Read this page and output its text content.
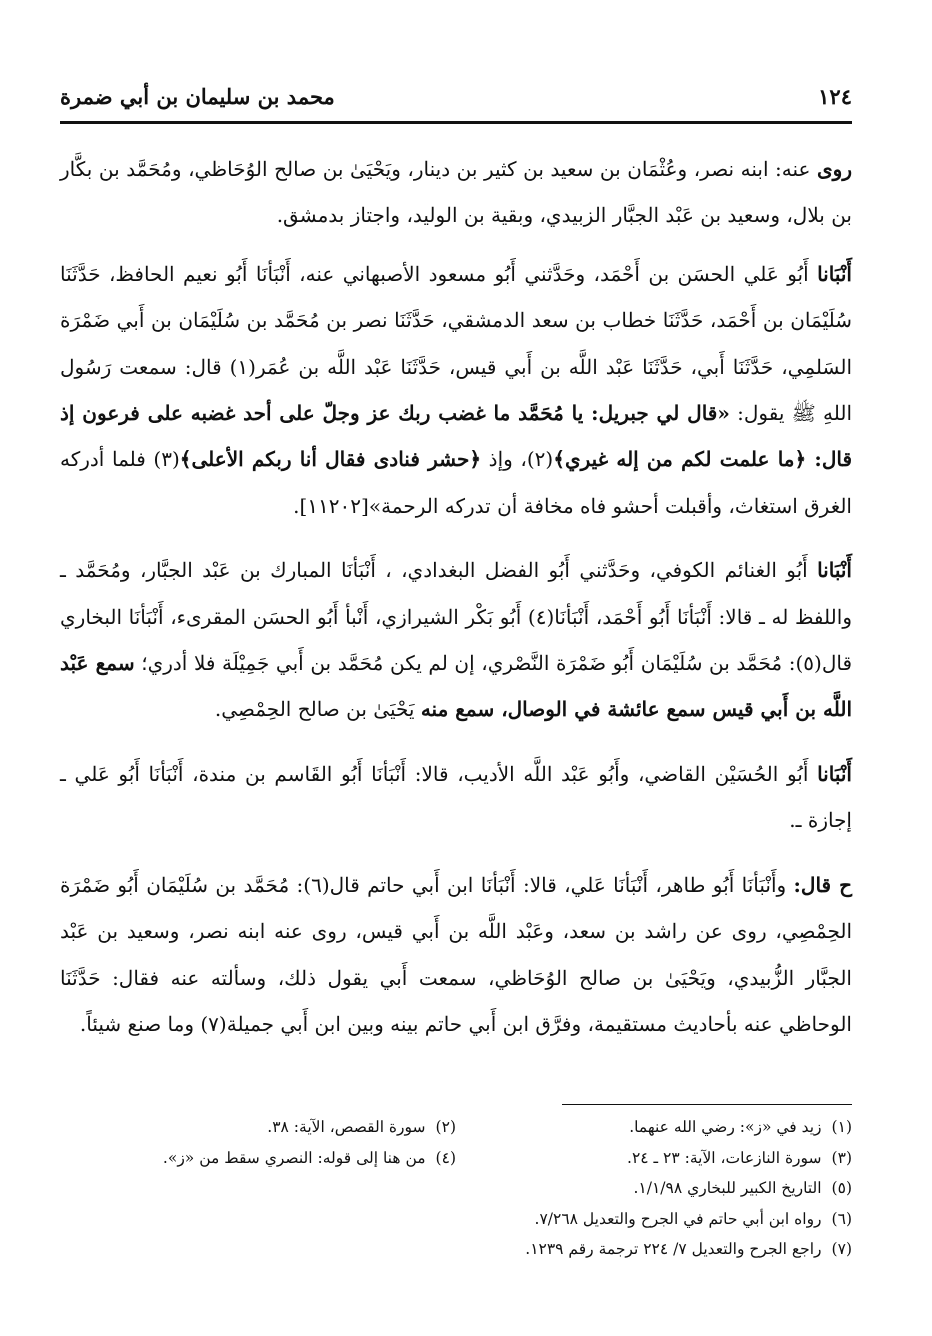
١٢٤
محمد بن سليمان بن أبي ضمرة

روى عنه: ابنه نصر، وعُثْمَان بن سعيد بن كثير بن دينار، ويَحْيَىٰ بن صالح الوُحَاظي، ومُحَمَّد بن بكَّار بن بلال، وسعيد بن عَبْد الجبَّار الزبيدي، وبقية بن الوليد، واجتاز بدمشق.

أَنْبَانا أَبُو عَلي الحسَن بن أَحْمَد، وحَدَّثني أَبُو مسعود الأصبهاني عنه، أَنْبَأنَا أَبُو نعيم الحافظ، حَدَّثَنَا سُلَيْمَان بن أَحْمَد، حَدَّثَنَا خطاب بن سعد الدمشقي، حَدَّثَنَا نصر بن مُحَمَّد بن سُلَيْمَان بن أَبي ضَمْرَة السَلمِي، حَدَّثَنَا أَبي، حَدَّثَنَا عَبْد اللَّه بن أَبي قيس، حَدَّثَنَا عَبْد اللَّه بن عُمَر(١) قال: سمعت رَسُول اللهِ ﷺ يقول: «قال لي جبريل: يا مُحَمَّد ما غضب ربك عز وجلّ على أحد غضبه على فرعون إذ قال: ﴿ما علمت لكم من إله غيري﴾(٢)، وإذ ﴿حشر فنادى فقال أنا ربكم الأعلى﴾(٣) فلما أدركه الغرق استغاث، وأقبلت أحشو فاه مخافة أن تدركه الرحمة»[١١٢٠٢].

أَنْبَانا أَبُو الغنائم الكوفي، وحَدَّثني أَبُو الفضل البغدادي، ، أَنْبَأنَا المبارك بن عَبْد الجبَّار، ومُحَمَّد ـ واللفظ له ـ قالا: أَنْبَأنَا أَبُو أَحْمَد، أَنْبَأنَا(٤) أَبُو بَكْر الشيرازي، أَنْبأ أَبُو الحسَن المقرىء، أَنْبَأنَا البخاري قال(٥): مُحَمَّد بن سُلَيْمَان أَبُو ضَمْرَة النَّصْري، إن لم يكن مُحَمَّد بن أَبي جَمِيْلَة فلا أدري؛ سمع عَبْد اللَّه بن أَبي قيس سمع عائشة في الوصال، سمع منه يَحْيَىٰ بن صالح الحِمْصِي.

أَنْبَانا أَبُو الحُسَيْن القاضي، وأَبُو عَبْد اللَّه الأديب، قالا: أَنْبَأنَا أَبُو القَاسم بن مندة، أَنْبَأنَا أَبُو عَلي ـ إجازة ـ.

ح قال: وأَنْبَأنَا أَبُو طاهر، أَنْبَأنَا عَلي، قالا: أَنْبَأنَا ابن أَبي حاتم قال(٦): مُحَمَّد بن سُلَيْمَان أَبُو ضَمْرَة الحِمْصِي، روى عن راشد بن سعد، وعَبْد اللَّه بن أَبي قيس، روى عنه ابنه نصر، وسعيد بن عَبْد الجبَّار الزُّبيدي، ويَحْيَىٰ بن صالح الوُحَاظي، سمعت أَبي يقول ذلك، وسألته عنه فقال: حَدَّثَنَا الوحاظي عنه بأحاديث مستقيمة، وفرَّق ابن أَبي حاتم بينه وبين ابن أَبي جميلة(٧) وما صنع شيئاً.

(١)زيد في «ز»: رضي الله عنهما.
(٢)سورة القصص، الآية: ٣٨.
(٣)سورة النازعات، الآية: ٢٣ ـ ٢٤.
(٤)من هنا إلى قوله: النصري سقط من «ز».
(٥)التاريخ الكبير للبخاري ١/١/٩٨.
(٦)رواه ابن أبي حاتم في الجرح والتعديل ٧/٢٦٨.
(٧)راجع الجرح والتعديل ٧/ ٢٢٤ ترجمة رقم ١٢٣٩.
